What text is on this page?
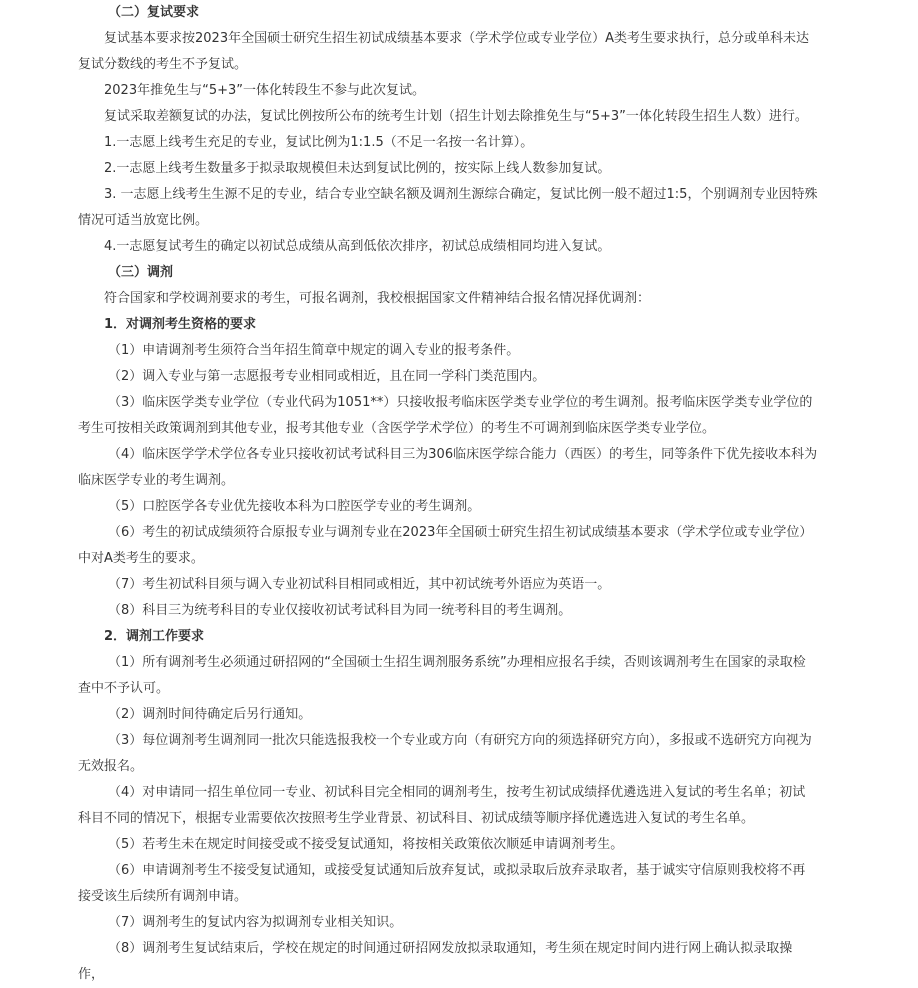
（二）复试要求

复试基本要求按2023年全国硕士研究生招生初试成绩基本要求（学术学位或专业学位）A类考生要求执行，总分或单科未达复试分数线的考生不予复试。

2023年推免生与“5+3”一体化转段生不参与此次复试。

复试采取差额复试的办法，复试比例按所公布的统考生计划（招生计划去除推免生与“5+3”一体化转段生招生人数）进行。

1.一志愿上线考生充足的专业，复试比例为1:1.5（不足一名按一名计算）。

2.一志愿上线考生数量多于拟录取规模但未达到复试比例的，按实际上线人数参加复试。

3. 一志愿上线考生生源不足的专业，结合专业空缺名额及调剂生源综合确定，复试比例一般不超过1:5，个别调剂专业因特殊情况可适当放宽比例。

4.一志愿复试考生的确定以初试总成绩从高到低依次排序，初试总成绩相同均进入复试。

（三）调剂

符合国家和学校调剂要求的考生，可报名调剂，我校根据国家文件精神结合报名情况择优调剂：

1．对调剂考生资格的要求

（1）申请调剂考生须符合当年招生简章中规定的调入专业的报考条件。

（2）调入专业与第一志愿报考专业相同或相近，且在同一学科门类范围内。

（3）临床医学类专业学位（专业代码为1051**）只接收报考临床医学类专业学位的考生调剂。报考临床医学类专业学位的考生可按相关政策调剂到其他专业，报考其他专业（含医学学术学位）的考生不可调剂到临床医学类专业学位。

（4）临床医学学术学位各专业只接收初试考试科目三为306临床医学综合能力（西医）的考生，同等条件下优先接收本科为临床医学专业的考生调剂。

（5）口腔医学各专业优先接收本科为口腔医学专业的考生调剂。

（6）考生的初试成绩须符合原报专业与调剂专业在2023年全国硕士研究生招生初试成绩基本要求（学术学位或专业学位）中对A类考生的要求。

（7）考生初试科目须与调入专业初试科目相同或相近，其中初试统考外语应为英语一。

（8）科目三为统考科目的专业仅接收初试考试科目为同一统考科目的考生调剂。

2．调剂工作要求

（1）所有调剂考生必须通过研招网的“全国硕士生招生调剂服务系统”办理相应报名手续，否则该调剂考生在国家的录取检查中不予认可。

（2）调剂时间待确定后另行通知。

（3）每位调剂考生调剂同一批次只能选报我校一个专业或方向（有研究方向的须选择研究方向），多报或不选研究方向视为无效报名。

（4）对申请同一招生单位同一专业、初试科目完全相同的调剂考生，按考生初试成绩择优遴选进入复试的考生名单；初试科目不同的情况下，根据专业需要依次按照考生学业背景、初试科目、初试成绩等顺序择优遴选进入复试的考生名单。

（5）若考生未在规定时间接受或不接受复试通知，将按相关政策依次顺延申请调剂考生。

（6）申请调剂考生不接受复试通知，或接受复试通知后放弃复试，或拟录取后放弃录取者，基于诚实守信原则我校将不再接受该生后续所有调剂申请。

（7）调剂考生的复试内容为拟调剂专业相关知识。

（8）调剂考生复试结束后，学校在规定的时间通过研招网发放拟录取通知，考生须在规定时间内进行网上确认拟录取操作，
